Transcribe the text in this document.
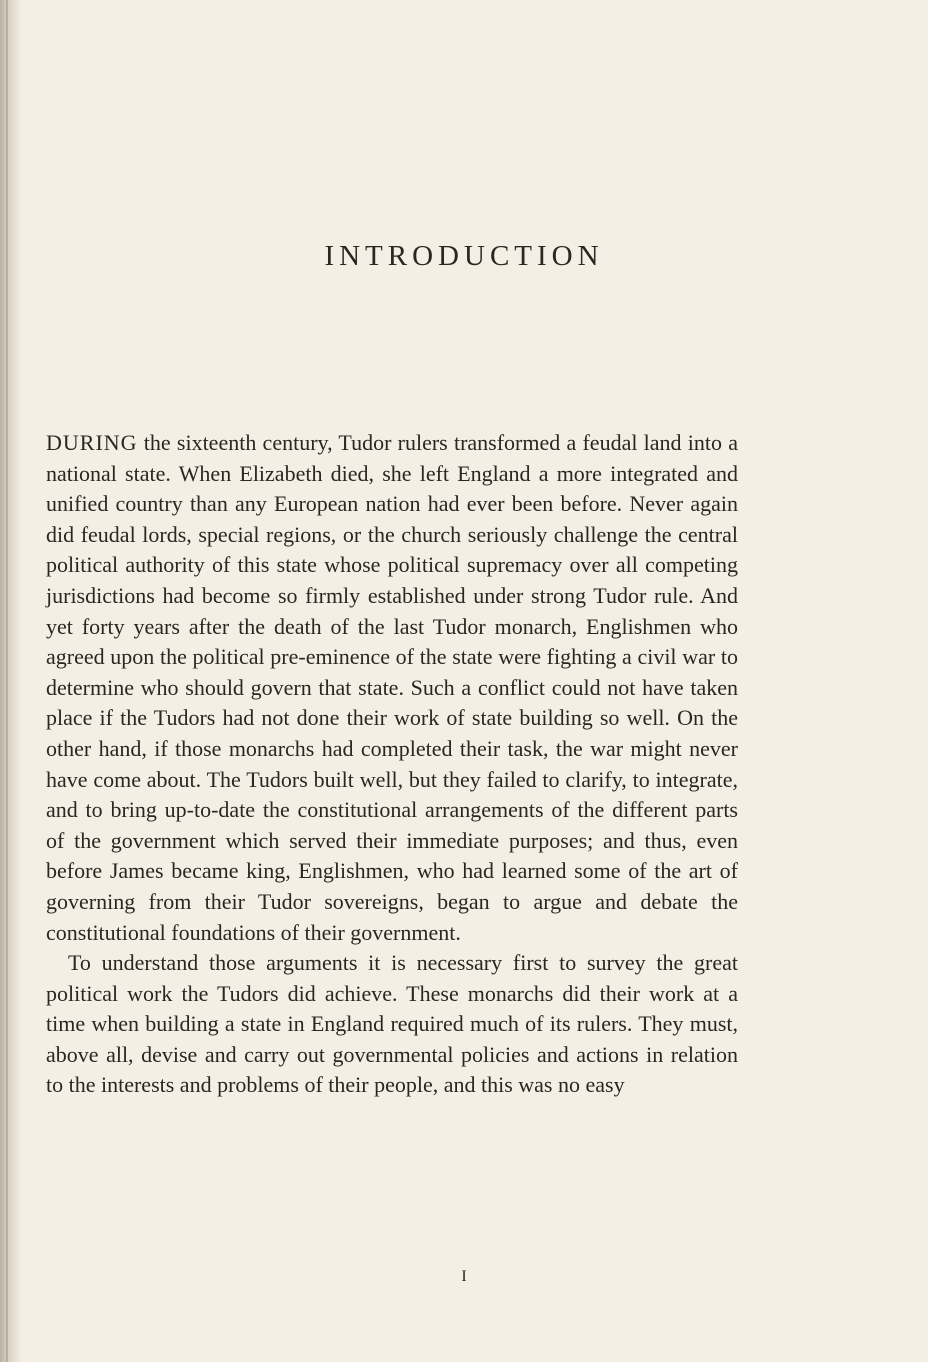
INTRODUCTION

DURING the sixteenth century, Tudor rulers transformed a feudal land into a national state. When Elizabeth died, she left England a more integrated and unified country than any European nation had ever been before. Never again did feudal lords, special regions, or the church seriously challenge the central political authority of this state whose political supremacy over all competing jurisdictions had become so firmly established under strong Tudor rule. And yet forty years after the death of the last Tudor monarch, Englishmen who agreed upon the political pre-eminence of the state were fighting a civil war to determine who should govern that state. Such a conflict could not have taken place if the Tudors had not done their work of state building so well. On the other hand, if those monarchs had completed their task, the war might never have come about. The Tudors built well, but they failed to clarify, to integrate, and to bring up-to-date the constitutional arrangements of the different parts of the government which served their immediate purposes; and thus, even before James became king, Englishmen, who had learned some of the art of governing from their Tudor sovereigns, began to argue and debate the constitutional foundations of their government.

To understand those arguments it is necessary first to survey the great political work the Tudors did achieve. These monarchs did their work at a time when building a state in England required much of its rulers. They must, above all, devise and carry out governmental policies and actions in relation to the interests and problems of their people, and this was no easy

I
